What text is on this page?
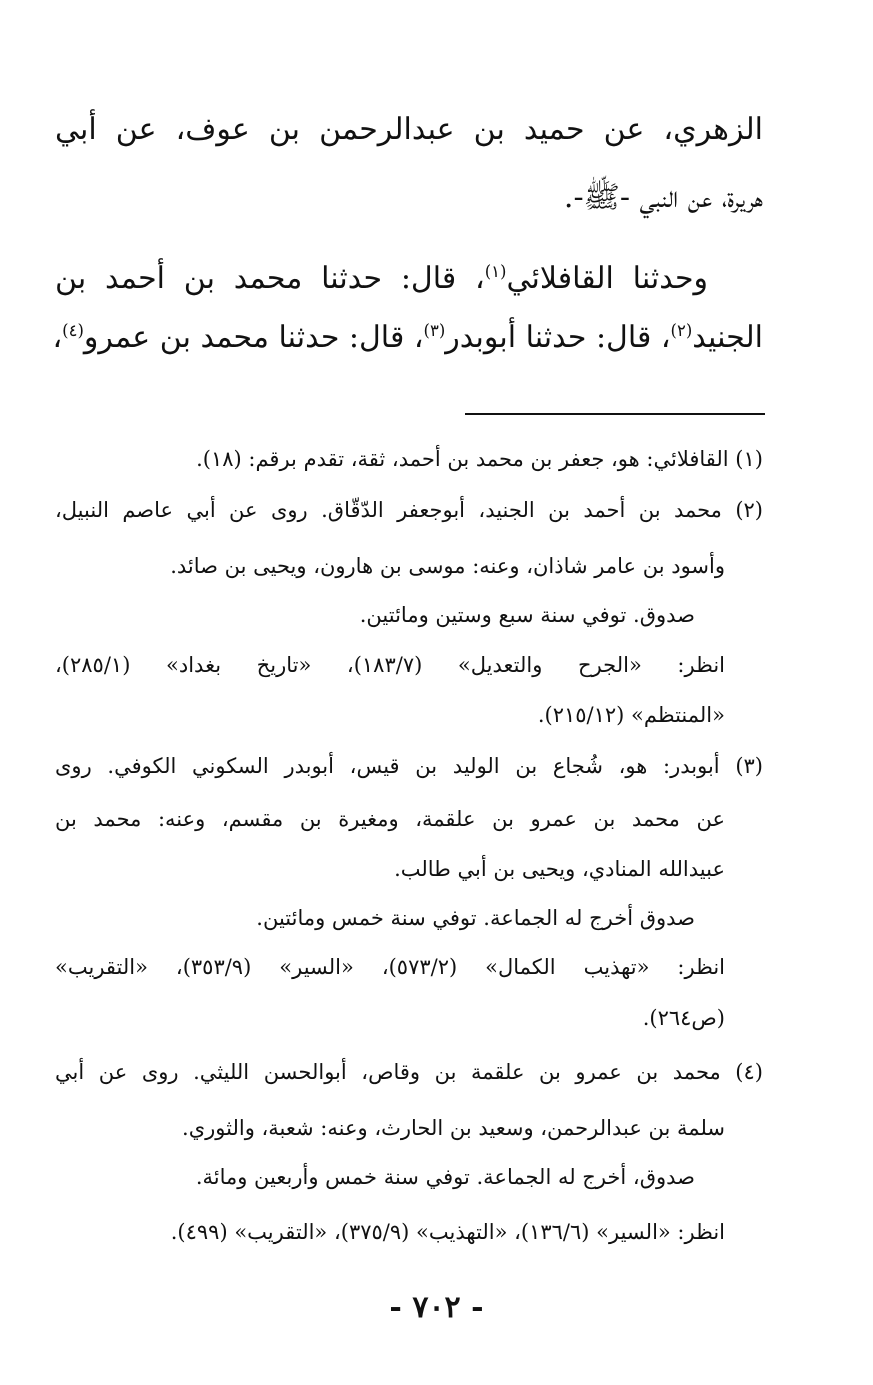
الزهري، عن حميد بن عبدالرحمن بن عوف، عن أبي
هريرة، عن النبي -ﷺ-.
وحدثنا القافلائي$^{(١)}$، قال: حدثنا محمد بن أحمد بن
الجنيد$^{(٢)}$، قال: حدثنا أبوبدر$^{(٣)}$، قال: حدثنا محمد بن عمرو$^{(٤)}$،
(١) القافلائي: هو، جعفر بن محمد بن أحمد، ثقة، تقدم برقم: (١٨).
(٢) محمد بن أحمد بن الجنيد، أبوجعفر الدّقّاق. روى عن أبي عاصم النبيل،
وأسود بن عامر شاذان، وعنه: موسى بن هارون، ويحيى بن صائد.
صدوق. توفي سنة سبع وستين ومائتين.
انظر: «الجرح والتعديل» (١٨٣/٧)، «تاريخ بغداد» (٢٨٥/١)،
«المنتظم» (٢١٥/١٢).
(٣) أبوبدر: هو، شُجاع بن الوليد بن قيس، أبوبدر السكوني الكوفي. روى
عن محمد بن عمرو بن علقمة، ومغيرة بن مقسم، وعنه: محمد بن
عبيدالله المنادي، ويحيى بن أبي طالب.
صدوق أخرج له الجماعة. توفي سنة خمس ومائتين.
انظر: «تهذيب الكمال» (٥٧٣/٢)، «السير» (٣٥٣/٩)، «التقريب»
(ص٢٦٤).
(٤) محمد بن عمرو بن علقمة بن وقاص، أبوالحسن الليثي. روى عن أبي
سلمة بن عبدالرحمن، وسعيد بن الحارث، وعنه: شعبة، والثوري.
صدوق، أخرج له الجماعة. توفي سنة خمس وأربعين ومائة.
انظر: «السير» (١٣٦/٦)، «التهذيب» (٣٧٥/٩)، «التقريب» (٤٩٩).
- ٧٠٢ -
